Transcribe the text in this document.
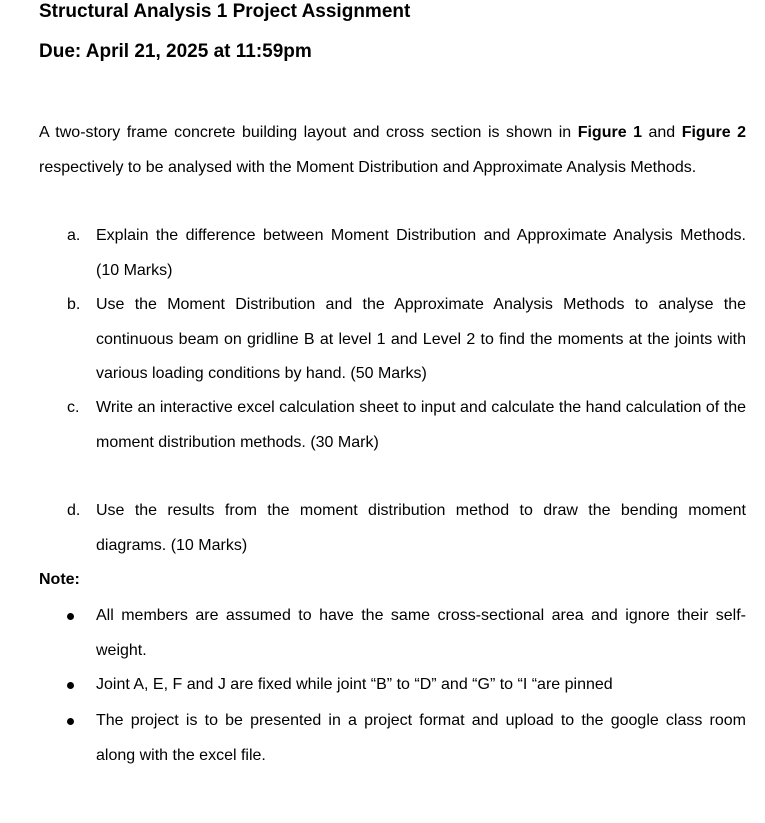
Structural Analysis 1 Project Assignment
Due: April 21, 2025 at 11:59pm

A two-story frame concrete building layout and cross section is shown in Figure 1 and Figure 2 respectively to be analysed with the Moment Distribution and Approximate Analysis Methods.

a. Explain the difference between Moment Distribution and Approximate Analysis Methods. (10 Marks)
b. Use the Moment Distribution and the Approximate Analysis Methods to analyse the continuous beam on gridline B at level 1 and Level 2 to find the moments at the joints with various loading conditions by hand. (50 Marks)
c.	Write an interactive excel calculation sheet to input and calculate the hand calculation of the moment distribution methods. (30 Mark)
d. Use the results from the moment distribution method to draw the bending moment diagrams. (10 Marks)
Note:
All members are assumed to have the same cross-sectional area and ignore their self-weight.
Joint A, E, F and J are fixed while joint “B” to “D” and “G” to “I “are pinned
The project is to be presented in a project format and upload to the google class room along with the excel file.
